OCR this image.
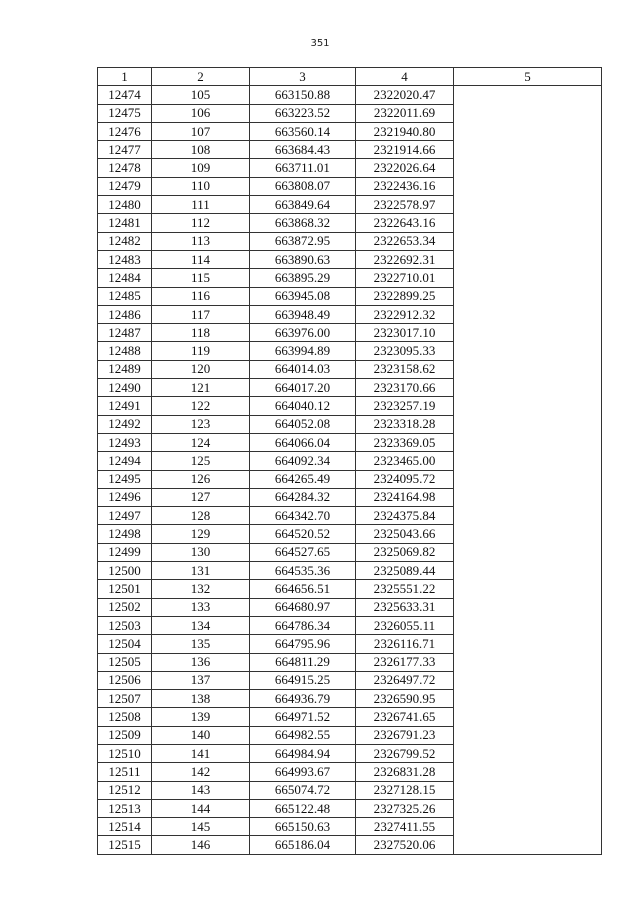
351
1	2	3	4	5
12474	105	663150.88	2322020.47	
12475	106	663223.52	2322011.69	
12476	107	663560.14	2321940.80	
12477	108	663684.43	2321914.66	
12478	109	663711.01	2322026.64	
12479	110	663808.07	2322436.16	
12480	111	663849.64	2322578.97	
12481	112	663868.32	2322643.16	
12482	113	663872.95	2322653.34	
12483	114	663890.63	2322692.31	
12484	115	663895.29	2322710.01	
12485	116	663945.08	2322899.25	
12486	117	663948.49	2322912.32	
12487	118	663976.00	2323017.10	
12488	119	663994.89	2323095.33	
12489	120	664014.03	2323158.62	
12490	121	664017.20	2323170.66	
12491	122	664040.12	2323257.19	
12492	123	664052.08	2323318.28	
12493	124	664066.04	2323369.05	
12494	125	664092.34	2323465.00	
12495	126	664265.49	2324095.72	
12496	127	664284.32	2324164.98	
12497	128	664342.70	2324375.84	
12498	129	664520.52	2325043.66	
12499	130	664527.65	2325069.82	
12500	131	664535.36	2325089.44	
12501	132	664656.51	2325551.22	
12502	133	664680.97	2325633.31	
12503	134	664786.34	2326055.11	
12504	135	664795.96	2326116.71	
12505	136	664811.29	2326177.33	
12506	137	664915.25	2326497.72	
12507	138	664936.79	2326590.95	
12508	139	664971.52	2326741.65	
12509	140	664982.55	2326791.23	
12510	141	664984.94	2326799.52	
12511	142	664993.67	2326831.28	
12512	143	665074.72	2327128.15	
12513	144	665122.48	2327325.26	
12514	145	665150.63	2327411.55	
12515	146	665186.04	2327520.06	
